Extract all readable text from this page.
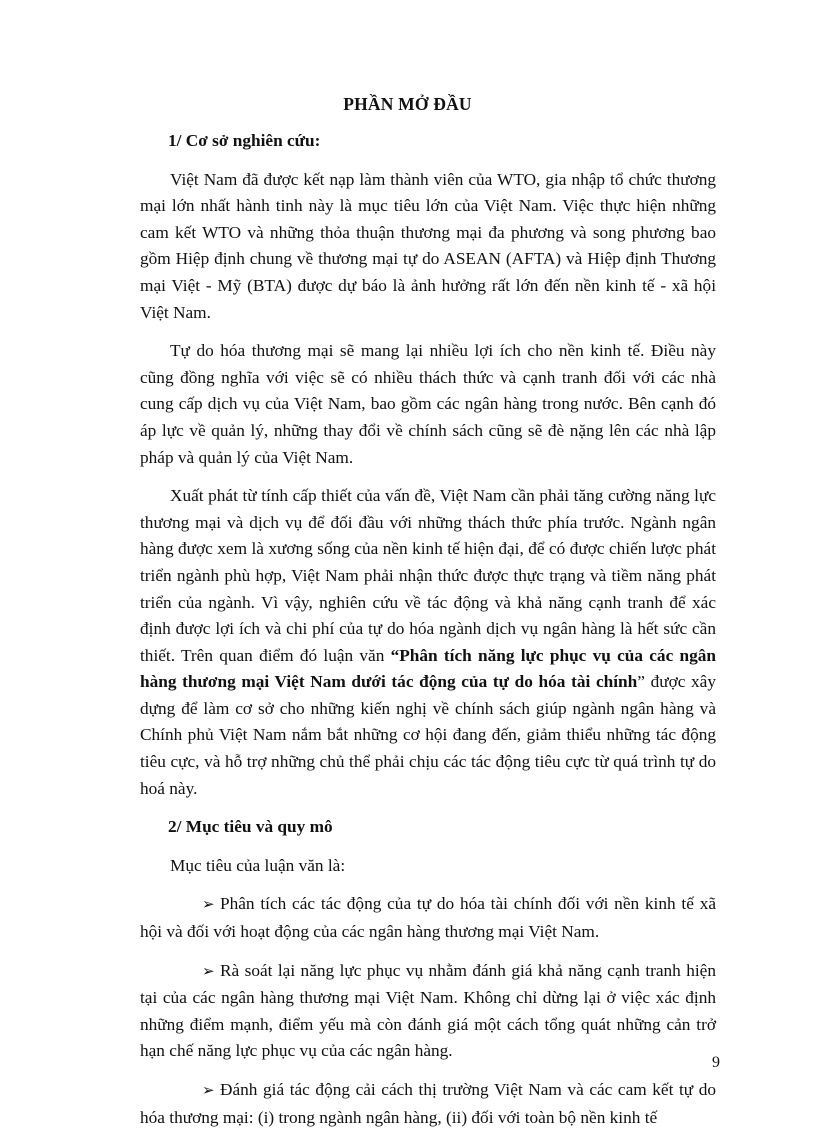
PHẦN MỞ ĐẦU

1/ Cơ sở nghiên cứu:

Việt Nam đã được kết nạp làm thành viên của WTO, gia nhập tổ chức thương mại lớn nhất hành tinh này là mục tiêu lớn của Việt Nam. Việc thực hiện những cam kết WTO và những thỏa thuận thương mại đa phương và song phương bao gồm Hiệp định chung về thương mại tự do ASEAN (AFTA) và Hiệp định Thương mại Việt - Mỹ (BTA) được dự báo là ảnh hưởng rất lớn đến nền kinh tế - xã hội Việt Nam.

Tự do hóa thương mại sẽ mang lại nhiều lợi ích cho nền kinh tế. Điều này cũng đồng nghĩa với việc sẽ có nhiều thách thức và cạnh tranh đối với các nhà cung cấp dịch vụ của Việt Nam, bao gồm các ngân hàng trong nước. Bên cạnh đó áp lực về quản lý, những thay đổi về chính sách cũng sẽ đè nặng lên các nhà lập pháp và quản lý của Việt Nam.

Xuất phát từ tính cấp thiết của vấn đề, Việt Nam cần phải tăng cường năng lực thương mại và dịch vụ để đối đầu với những thách thức phía trước. Ngành ngân hàng được xem là xương sống của nền kinh tế hiện đại, để có được chiến lược phát triển ngành phù hợp, Việt Nam phải nhận thức được thực trạng và tiềm năng phát triển của ngành. Vì vậy, nghiên cứu về tác động và khả năng cạnh tranh để xác định được lợi ích và chi phí của tự do hóa ngành dịch vụ ngân hàng là hết sức cần thiết. Trên quan điểm đó luận văn “Phân tích năng lực phục vụ của các ngân hàng thương mại Việt Nam dưới tác động của tự do hóa tài chính” được xây dựng để làm cơ sở cho những kiến nghị về chính sách giúp ngành ngân hàng và Chính phủ Việt Nam nắm bắt những cơ hội đang đến, giảm thiểu những tác động tiêu cực, và hỗ trợ những chủ thể phải chịu các tác động tiêu cực từ quá trình tự do hoá này.

2/ Mục tiêu và quy mô

Mục tiêu của luận văn là:

➢ Phân tích các tác động của tự do hóa tài chính đối với nền kinh tế xã hội và đối với hoạt động của các ngân hàng thương mại Việt Nam.

➢ Rà soát lại năng lực phục vụ nhằm đánh giá khả năng cạnh tranh hiện tại của các ngân hàng thương mại Việt Nam. Không chỉ dừng lại ở việc xác định những điểm mạnh, điểm yếu mà còn đánh giá một cách tổng quát những cản trở hạn chế năng lực phục vụ của các ngân hàng.

➢ Đánh giá tác động cải cách thị trường Việt Nam và các cam kết tự do hóa thương mại: (i) trong ngành ngân hàng, (ii) đối với toàn bộ nền kinh tế

9
